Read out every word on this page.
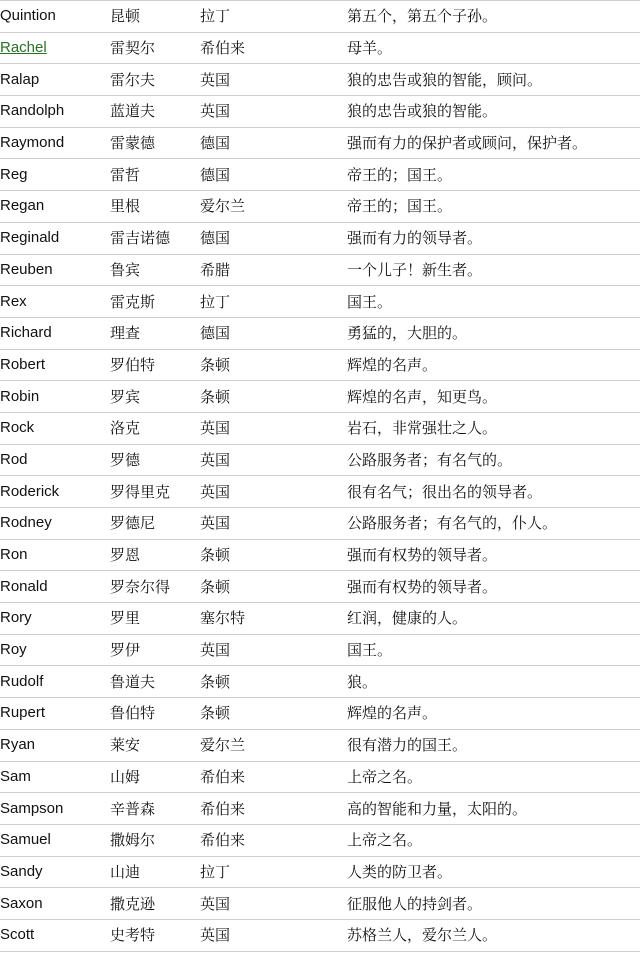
Quintion	昆顿	拉丁	第五个，第五个子孙。
Rachel	雷契尔	希伯来	母羊。
Ralap	雷尔夫	英国	狼的忠告或狼的智能，顾问。
Randolph	蓝道夫	英国	狼的忠告或狼的智能。
Raymond	雷蒙德	德国	强而有力的保护者或顾问，保护者。
Reg	雷哲	德国	帝王的；国王。
Regan	里根	爱尔兰	帝王的；国王。
Reginald	雷吉诺德	德国	强而有力的领导者。
Reuben	鲁宾	希腊	一个儿子！新生者。
Rex	雷克斯	拉丁	国王。
Richard	理查	德国	勇猛的，大胆的。
Robert	罗伯特	条顿	辉煌的名声。
Robin	罗宾	条顿	辉煌的名声，知更鸟。
Rock	洛克	英国	岩石，非常强壮之人。
Rod	罗德	英国	公路服务者；有名气的。
Roderick	罗得里克	英国	很有名气；很出名的领导者。
Rodney	罗德尼	英国	公路服务者；有名气的，仆人。
Ron	罗恩	条顿	强而有权势的领导者。
Ronald	罗奈尔得	条顿	强而有权势的领导者。
Rory	罗里	塞尔特	红润，健康的人。
Roy	罗伊	英国	国王。
Rudolf	鲁道夫	条顿	狼。
Rupert	鲁伯特	条顿	辉煌的名声。
Ryan	莱安	爱尔兰	很有潜力的国王。
Sam	山姆	希伯来	上帝之名。
Sampson	辛普森	希伯来	高的智能和力量，太阳的。
Samuel	撒姆尔	希伯来	上帝之名。
Sandy	山迪	拉丁	人类的防卫者。
Saxon	撒克逊	英国	征服他人的持剑者。
Scott	史考特	英国	苏格兰人，爱尔兰人。
